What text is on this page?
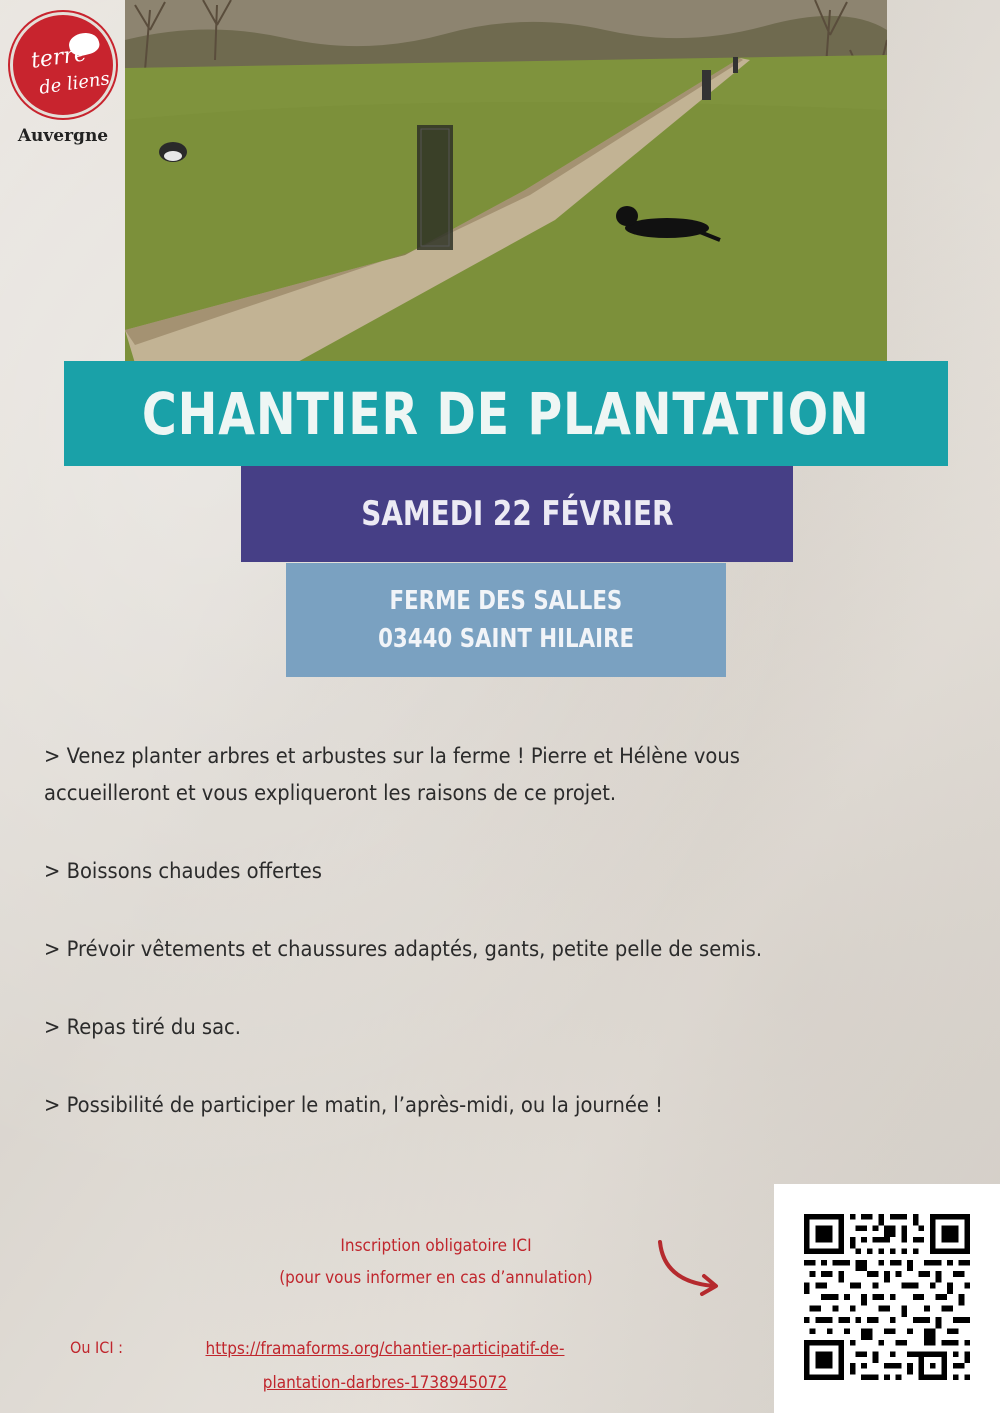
terre
de liens
Auvergne
CHANTIER DE PLANTATION
SAMEDI 22 FÉVRIER
FERME DES SALLES
03440 SAINT HILAIRE

> Venez planter arbres et arbustes sur la ferme ! Pierre et Hélène vous

accueilleront et vous expliqueront les raisons de ce projet.

> Boissons chaudes offertes

> Prévoir vêtements et chaussures adaptés, gants, petite pelle de semis.

> Repas tiré du sac.

> Possibilité de participer le matin, l’après-midi, ou la journée !

Inscription obligatoire ICI
(pour vous informer en cas d’annulation)
Ou ICI :	https://framaforms.org/chantier-participatif-de-
plantation-darbres-1738945072
